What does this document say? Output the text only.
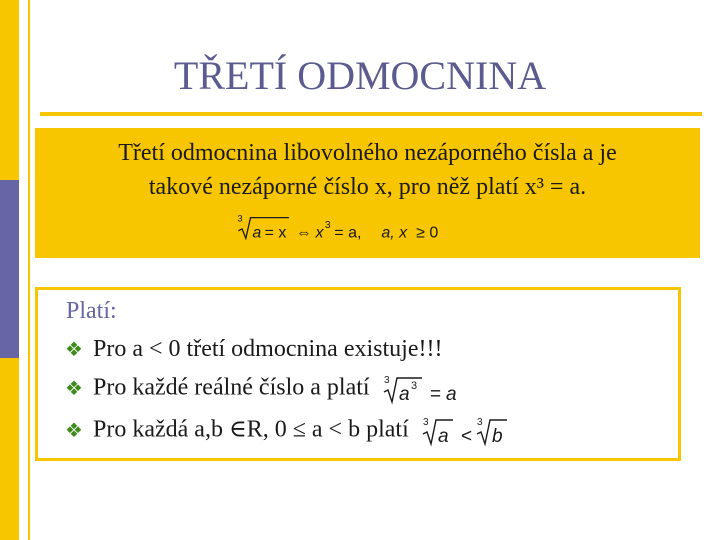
TŘETÍ ODMOCNINA
Třetí odmocnina libovolného nezáporného čísla a je
takové nezáporné číslo x, pro něž platí x³ = a.
3
a = x ⇔ x 3 = a, a, x ≥ 0
Platí:
❖ Pro a < 0 třetí odmocnina existuje!!!
❖ Pro každé reálné číslo a platí 3
a 3 = a
❖ Pro každá a,b ∈R, 0 ≤ a < b platí 3
a <
3
b
